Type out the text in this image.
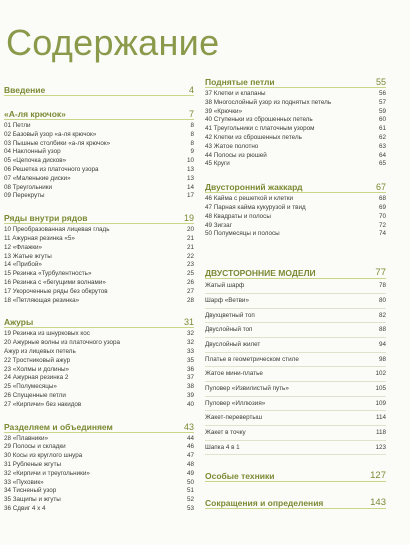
Содержание
Введение	4
«А-ля крючок»	7
01 Петли	8
02 Базовый узор «а-ля крючок»	8
03 Пышные столбики «а-ля крючок»	8
04 Наклонный узор	9
05 «Цепочка дисков»	10
06 Решетка из платочного узора	13
07 «Маленькие диски»	13
08 Треугольники	14
09 Перекруты	17
Ряды внутри рядов	19
10 Преобразованная лицевая гладь	20
11 Ажурная резинка «5»	21
12 «Флажки»	21
13 Жатые жгуты	22
14 «Прибой»	23
15 Резинка «Турбулентность»	25
16 Резинка с «бегущими волнами»	26
17 Укороченные ряды без обкрутов	27
18 «Петляющая резинка»	28
Ажуры	31
19 Резинка из шнурковых кос	32
20 Ажурные волны из платочного узора	32
Ажур из лицевых петель	33
22 Тростниковый ажур	35
23 «Холмы и долины»	36
24 Ажурная резинка 2	37
25 «Полумесяцы»	38
26 Спущенные петли	39
27 «Кирпичи» без накидов	40
Разделяем и объединяем	43
28 «Плавники»	44
29 Полосы и складки	46
30 Косы из круглого шнура	47
31 Рубленые жгуты	48
32 «Кирпичи и треугольники»	49
33 «Пуховик»	50
34 Тисненый узор	51
35 Защипы и жгуты	52
36 Сдвиг 4 х 4	53
Поднятые петли	55
37 Клетки и клапаны	56
38 Многослойный узор из поднятых петель	57
39 «Крючки»	59
40 Ступеньки из сброшенных петель	60
41 Треугольники с платочным узором	61
42 Клетки из сброшенных петель	62
43 Жатое полотно	63
44 Полосы из рюшей	64
45 Круги	65
Двусторонний жаккард	67
46 Кайма с решеткой и клетки	68
47 Парная кайма кукурузой и твид	69
48 Квадраты и полосы	70
49 Зигзаг	72
50 Полумесяцы и полосы	74
ДВУСТОРОННИЕ МОДЕЛИ	77
Жатый шарф	78
Шарф «Ветви»	80
Двухцветный топ	82
Двуслойный топ	88
Двуслойный жилет	94
Платье в геометрическом стиле	98
Жатое мини-платье	102
Пуловер «Извилистый путь»	105
Пуловер «Иллюзия»	109
Жакет-перевертыш	114
Жакет в точку	118
Шапка 4 в 1	123
Особые техники	127
Сокращения и определения	143
